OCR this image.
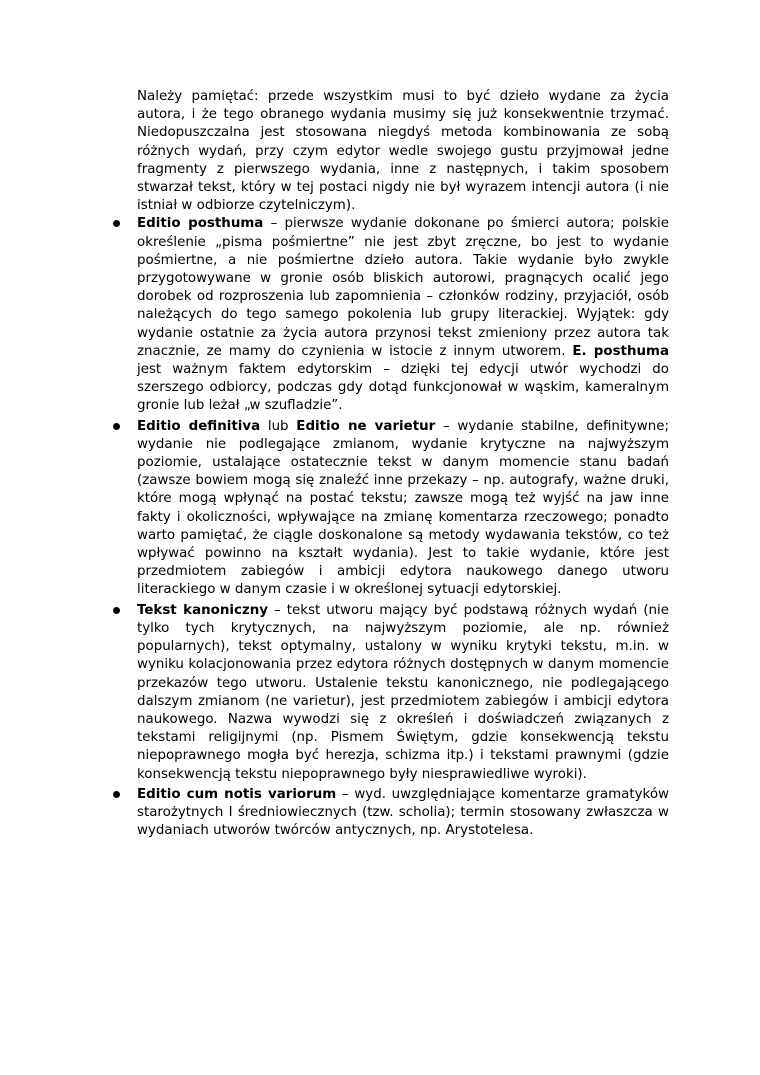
Należy pamiętać: przede wszystkim musi to być dzieło wydane za życia autora, i że tego obranego wydania musimy się już konsekwentnie trzymać. Niedopuszczalna jest stosowana niegdyś metoda kombinowania ze sobą różnych wydań, przy czym edytor wedle swojego gustu przyjmował jedne fragmenty z pierwszego wydania, inne z następnych, i takim sposobem stwarzał tekst, który w tej postaci nigdy nie był wyrazem intencji autora (i nie istniał w odbiorze czytelniczym).

Editio posthuma – pierwsze wydanie dokonane po śmierci autora; polskie określenie „pisma pośmiertne” nie jest zbyt zręczne, bo jest to wydanie pośmiertne, a nie pośmiertne dzieło autora. Takie wydanie było zwykle przygotowywane w gronie osób bliskich autorowi, pragnących ocalić jego dorobek od rozproszenia lub zapomnienia – członków rodziny, przyjaciół, osób należących do tego samego pokolenia lub grupy literackiej. Wyjątek: gdy wydanie ostatnie za życia autora przynosi tekst zmieniony przez autora tak znacznie, ze mamy do czynienia w istocie z innym utworem. E. posthuma jest ważnym faktem edytorskim – dzięki tej edycji utwór wychodzi do szerszego odbiorcy, podczas gdy dotąd funkcjonował w wąskim, kameralnym gronie lub leżał „w szufladzie”.
Editio definitiva lub Editio ne varietur – wydanie stabilne, definitywne; wydanie nie podlegające zmianom, wydanie krytyczne na najwyższym poziomie, ustalające ostatecznie tekst w danym momencie stanu badań (zawsze bowiem mogą się znaleźć inne przekazy – np. autografy, ważne druki, które mogą wpłynąć na postać tekstu; zawsze mogą też wyjść na jaw inne fakty i okoliczności, wpływające na zmianę komentarza rzeczowego; ponadto warto pamiętać, że ciągle doskonalone są metody wydawania tekstów, co też wpływać powinno na kształt wydania). Jest to takie wydanie, które jest przedmiotem zabiegów i ambicji edytora naukowego danego utworu literackiego w danym czasie i w określonej sytuacji edytorskiej.
Tekst kanoniczny – tekst utworu mający być podstawą różnych wydań (nie tylko tych krytycznych, na najwyższym poziomie, ale np. również popularnych), tekst optymalny, ustalony w wyniku krytyki tekstu, m.in. w wyniku kolacjonowania przez edytora różnych dostępnych w danym momencie przekazów tego utworu. Ustalenie tekstu kanonicznego, nie podlegającego dalszym zmianom (ne varietur), jest przedmiotem zabiegów i ambicji edytora naukowego. Nazwa wywodzi się z określeń i doświadczeń związanych z tekstami religijnymi (np. Pismem Świętym, gdzie konsekwencją tekstu niepoprawnego mogła być herezja, schizma itp.) i tekstami prawnymi (gdzie konsekwencją tekstu niepoprawnego były niesprawiedliwe wyroki).
Editio cum notis variorum – wyd. uwzględniające komentarze gramatyków starożytnych I średniowiecznych (tzw. scholia); termin stosowany zwłaszcza w wydaniach utworów twórców antycznych, np. Arystotelesa.
